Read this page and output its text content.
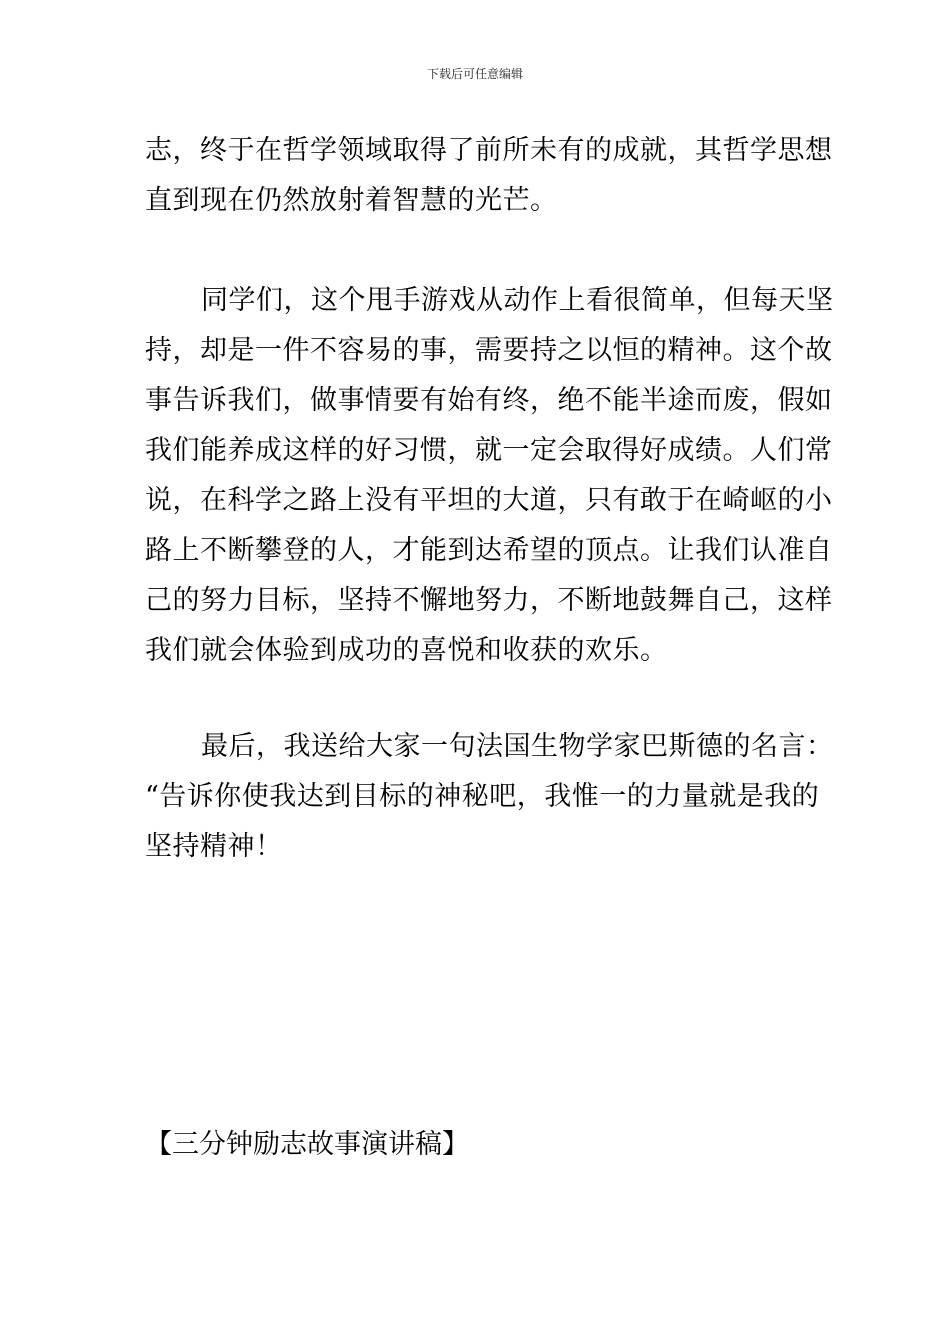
下载后可任意编辑
志，终于在哲学领域取得了前所未有的成就，其哲学思想
直到现在仍然放射着智慧的光芒。
同学们，这个甩手游戏从动作上看很简单，但每天坚
持，却是一件不容易的事，需要持之以恒的精神。这个故
事告诉我们，做事情要有始有终，绝不能半途而废，假如
我们能养成这样的好习惯，就一定会取得好成绩。人们常
说，在科学之路上没有平坦的大道，只有敢于在崎岖的小
路上不断攀登的人，才能到达希望的顶点。让我们认准自
己的努力目标，坚持不懈地努力，不断地鼓舞自己，这样
我们就会体验到成功的喜悦和收获的欢乐。
最后，我送给大家一句法国生物学家巴斯德的名言：
“告诉你使我达到目标的神秘吧，我惟一的力量就是我的
坚持精神！
【三分钟励志故事演讲稿】
